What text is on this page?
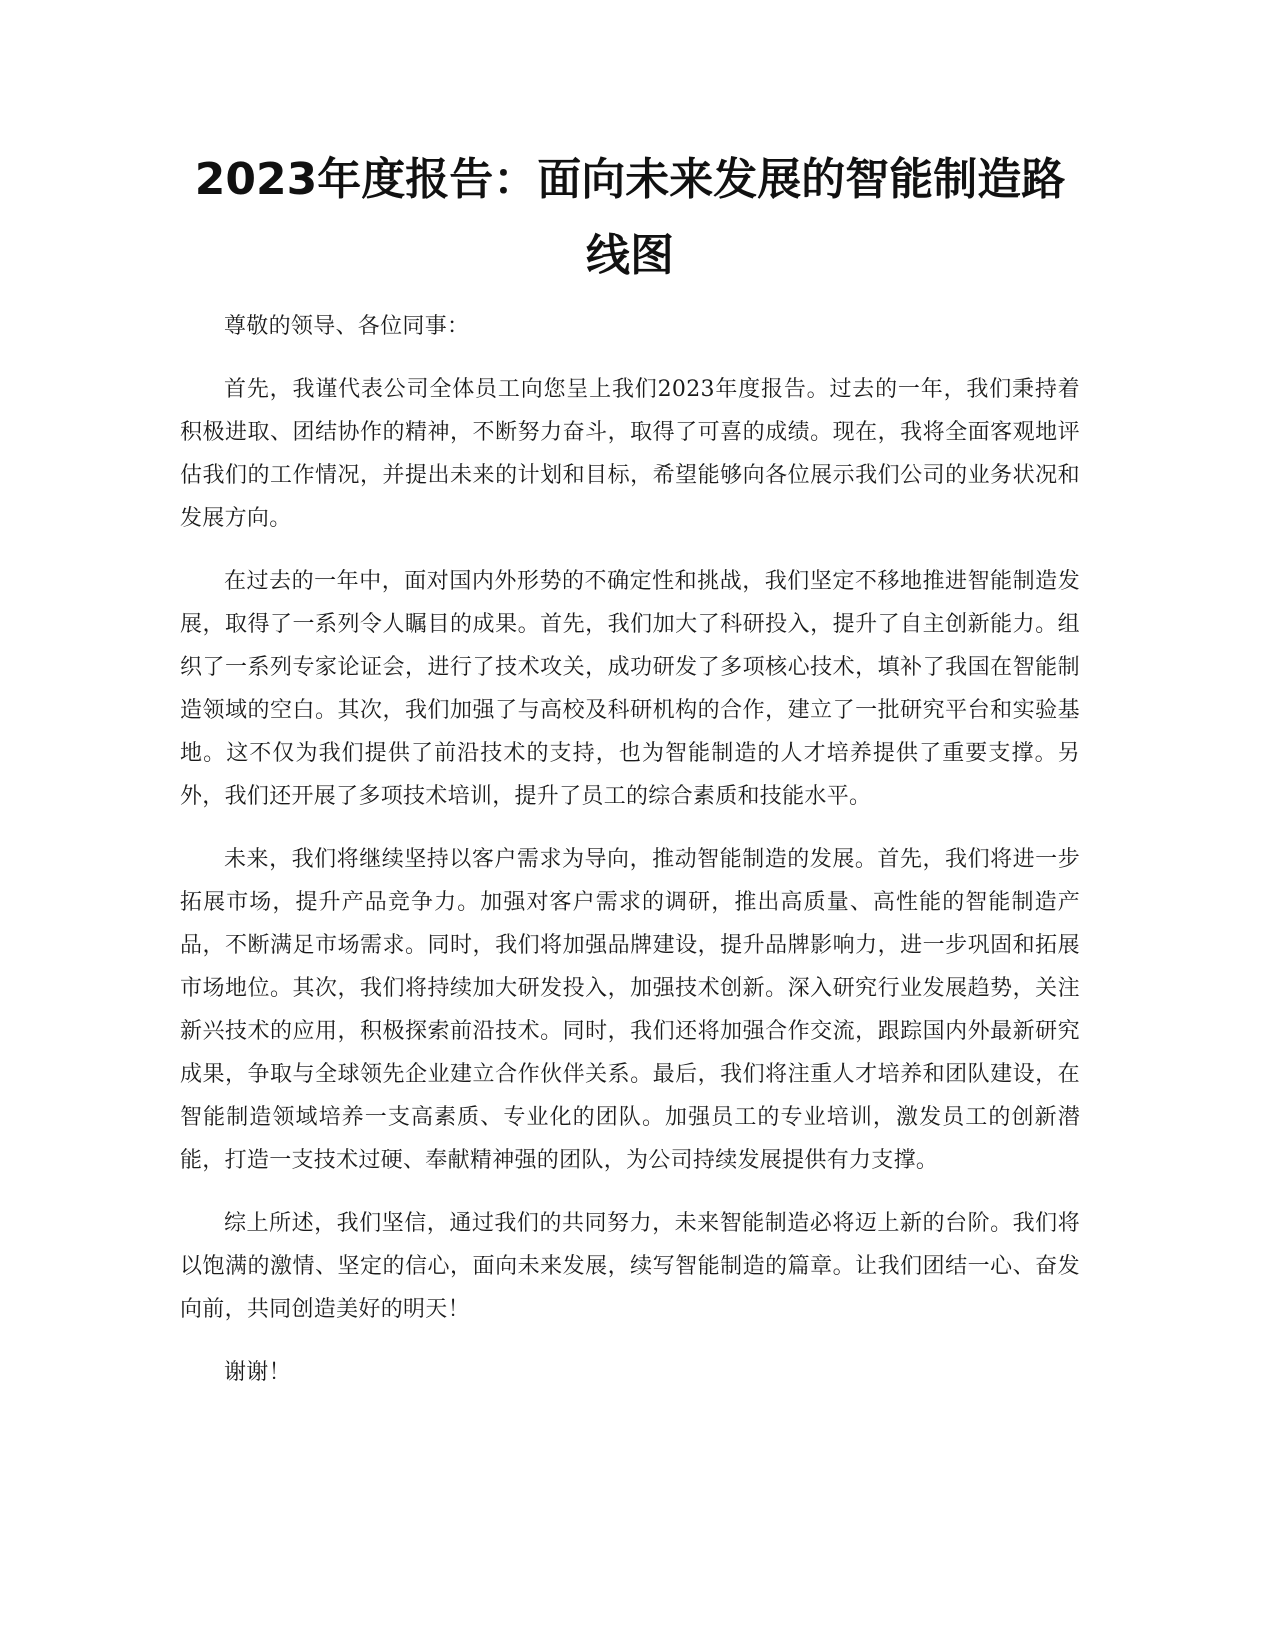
2023年度报告：面向未来发展的智能制造路线图

尊敬的领导、各位同事：

首先，我谨代表公司全体员工向您呈上我们2023年度报告。过去的一年，我们秉持着积极进取、团结协作的精神，不断努力奋斗，取得了可喜的成绩。现在，我将全面客观地评估我们的工作情况，并提出未来的计划和目标，希望能够向各位展示我们公司的业务状况和发展方向。

在过去的一年中，面对国内外形势的不确定性和挑战，我们坚定不移地推进智能制造发展，取得了一系列令人瞩目的成果。首先，我们加大了科研投入，提升了自主创新能力。组织了一系列专家论证会，进行了技术攻关，成功研发了多项核心技术，填补了我国在智能制造领域的空白。其次，我们加强了与高校及科研机构的合作，建立了一批研究平台和实验基地。这不仅为我们提供了前沿技术的支持，也为智能制造的人才培养提供了重要支撑。另外，我们还开展了多项技术培训，提升了员工的综合素质和技能水平。

未来，我们将继续坚持以客户需求为导向，推动智能制造的发展。首先，我们将进一步拓展市场，提升产品竞争力。加强对客户需求的调研，推出高质量、高性能的智能制造产品，不断满足市场需求。同时，我们将加强品牌建设，提升品牌影响力，进一步巩固和拓展市场地位。其次，我们将持续加大研发投入，加强技术创新。深入研究行业发展趋势，关注新兴技术的应用，积极探索前沿技术。同时，我们还将加强合作交流，跟踪国内外最新研究成果，争取与全球领先企业建立合作伙伴关系。最后，我们将注重人才培养和团队建设，在智能制造领域培养一支高素质、专业化的团队。加强员工的专业培训，激发员工的创新潜能，打造一支技术过硬、奉献精神强的团队，为公司持续发展提供有力支撑。

综上所述，我们坚信，通过我们的共同努力，未来智能制造必将迈上新的台阶。我们将以饱满的激情、坚定的信心，面向未来发展，续写智能制造的篇章。让我们团结一心、奋发向前，共同创造美好的明天！

谢谢！
